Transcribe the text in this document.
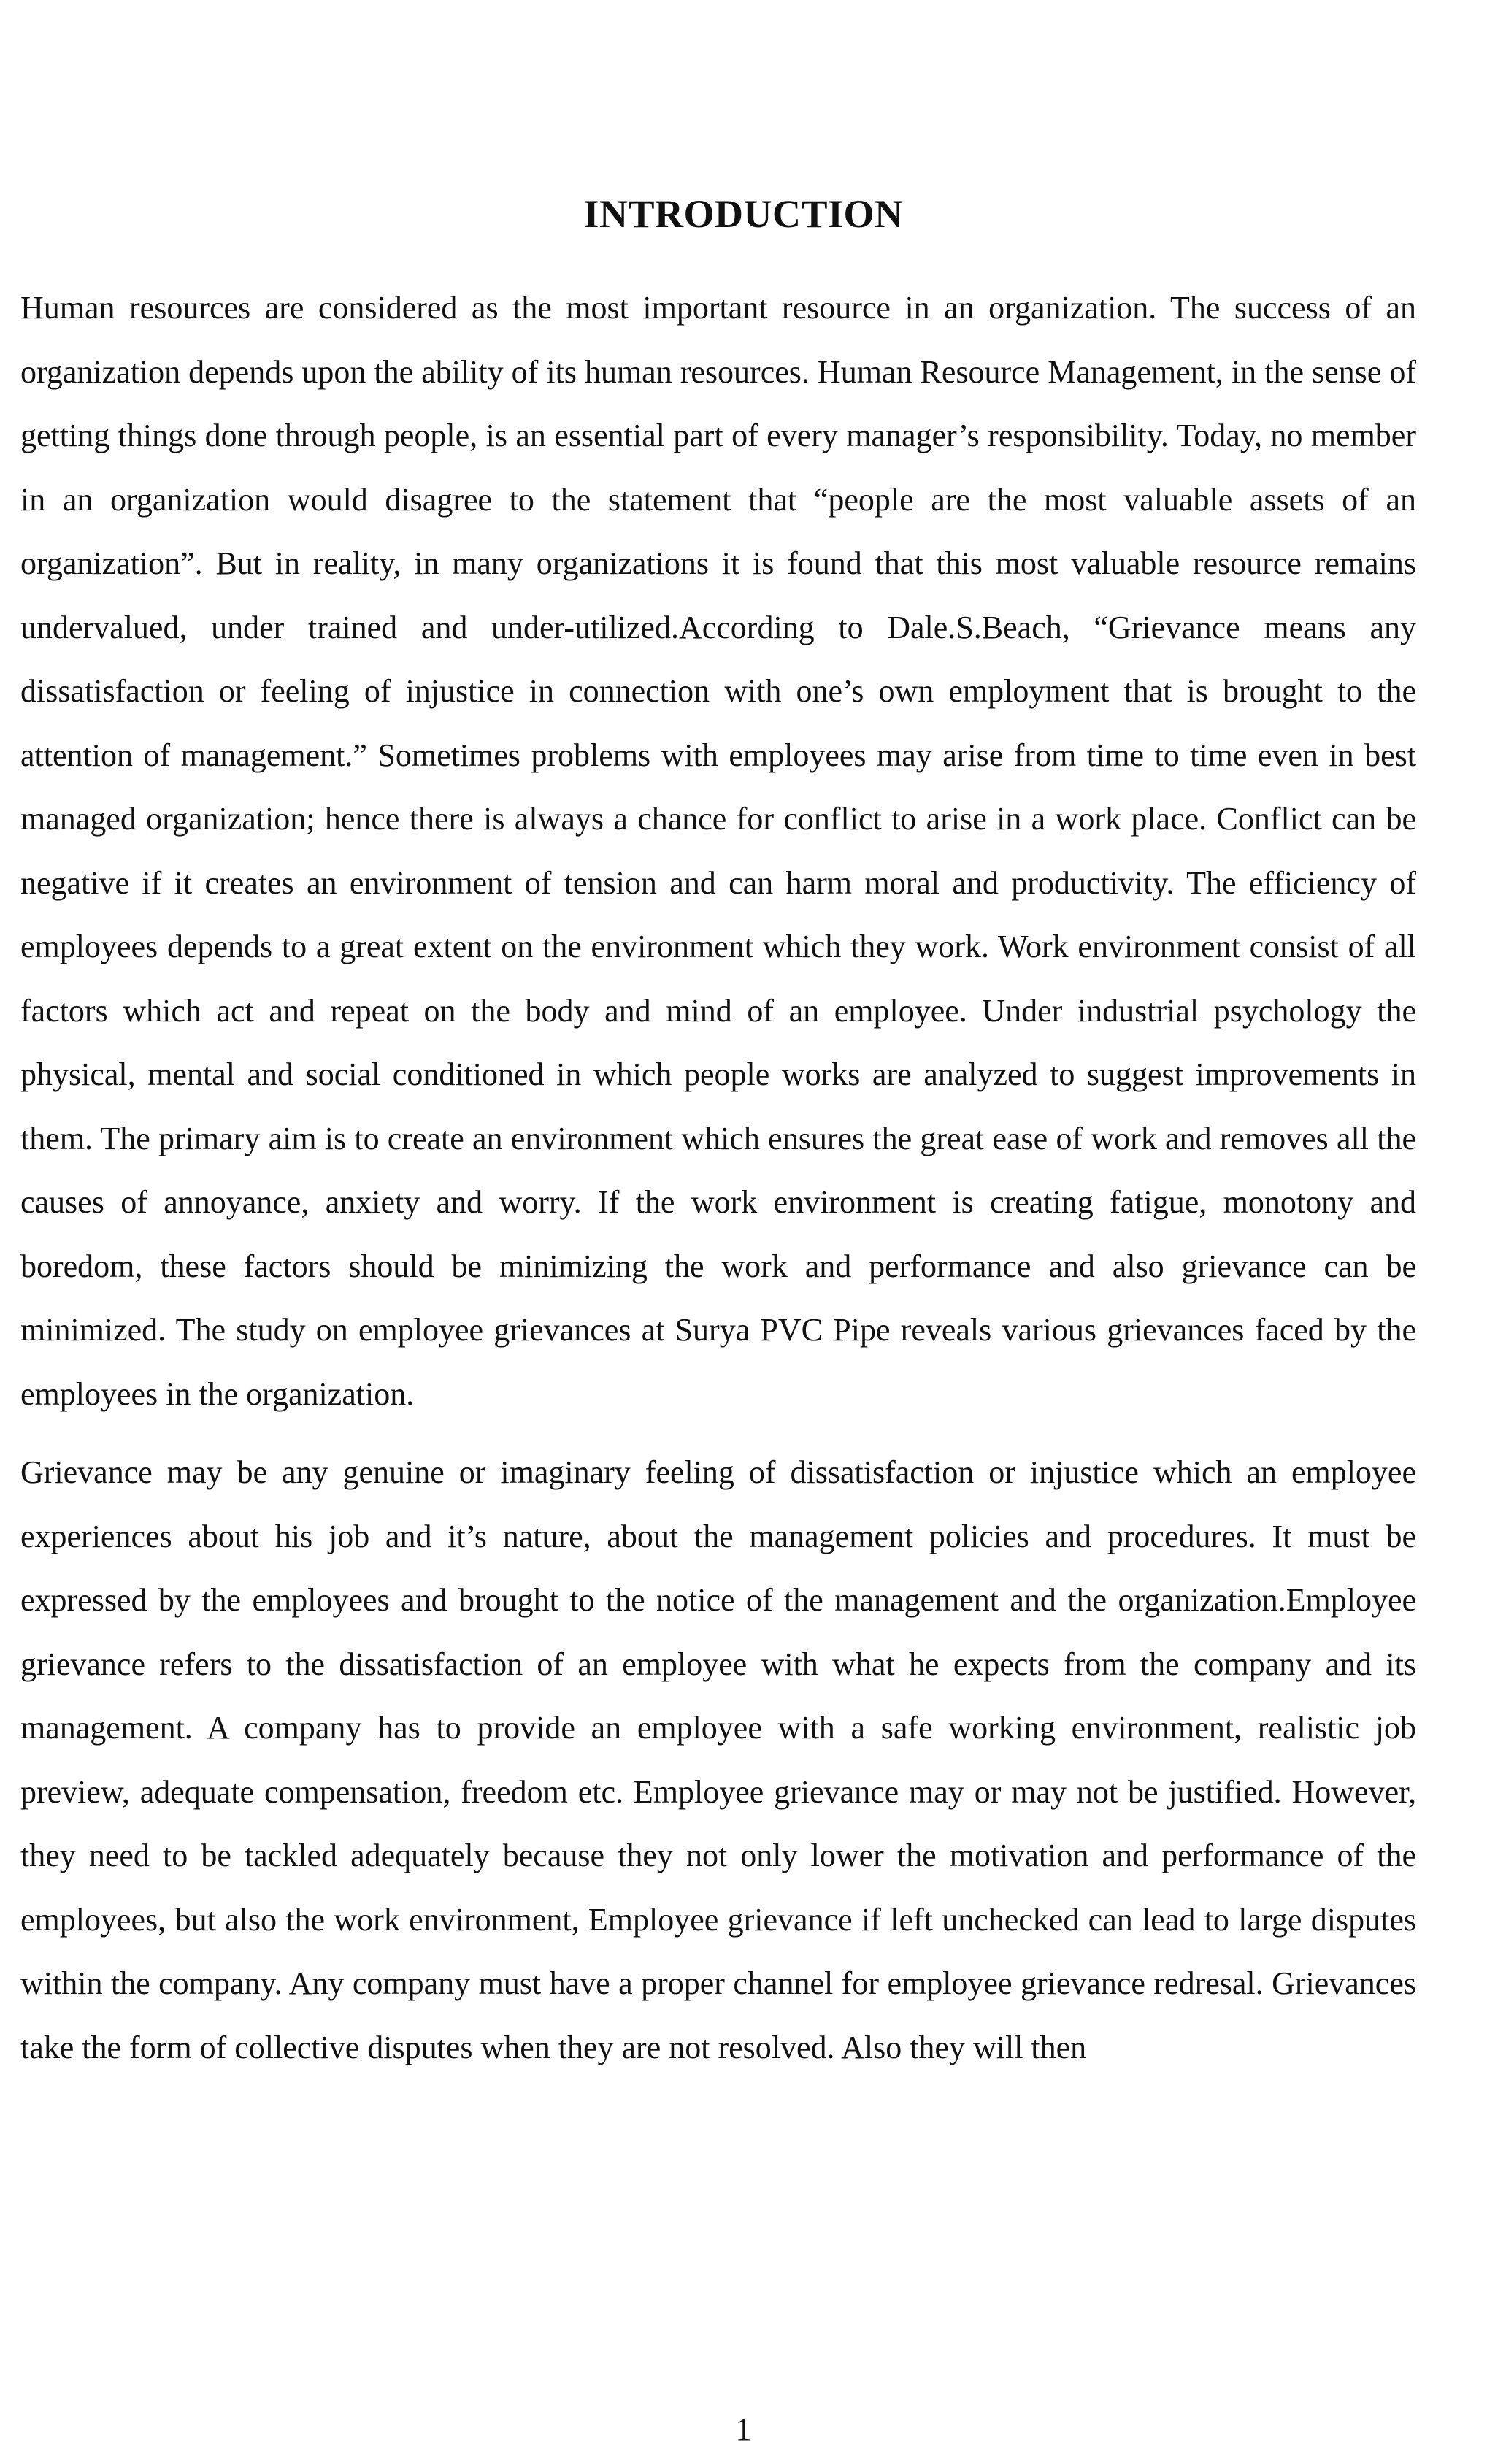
INTRODUCTION

Human resources are considered as the most important resource in an organization. The success of an organization depends upon the ability of its human resources. Human Resource Management, in the sense of getting things done through people, is an essential part of every manager’s responsibility. Today, no member in an organization would disagree to the statement that “people are the most valuable assets of an organization”. But in reality, in many organizations it is found that this most valuable resource remains undervalued, under trained and under-utilized.According to Dale.S.Beach, “Grievance means any dissatisfaction or feeling of injustice in connection with one’s own employment that is brought to the attention of management.” Sometimes problems with employees may arise from time to time even in best managed organization; hence there is always a chance for conflict to arise in a work place. Conflict can be negative if it creates an environment of tension and can harm moral and productivity. The efficiency of employees depends to a great extent on the environment which they work. Work environment consist of all factors which act and repeat on the body and mind of an employee. Under industrial psychology the physical, mental and social conditioned in which people works are analyzed to suggest improvements in them. The primary aim is to create an environment which ensures the great ease of work and removes all the causes of annoyance, anxiety and worry. If the work environment is creating fatigue, monotony and boredom, these factors should be minimizing the work and performance and also grievance can be minimized. The study on employee grievances at Surya PVC Pipe reveals various grievances faced by the employees in the organization.

Grievance may be any genuine or imaginary feeling of dissatisfaction or injustice which an employee experiences about his job and it’s nature, about the management policies and procedures. It must be expressed by the employees and brought to the notice of the management and the organization.Employee grievance refers to the dissatisfaction of an employee with what he expects from the company and its management. A company has to provide an employee with a safe working environment, realistic job preview, adequate compensation, freedom etc. Employee grievance may or may not be justified. However, they need to be tackled adequately because they not only lower the motivation and performance of the employees, but also the work environment, Employee grievance if left unchecked can lead to large disputes within the company. Any company must have a proper channel for employee grievance redresal. Grievances take the form of collective disputes when they are not resolved. Also they will then

1
